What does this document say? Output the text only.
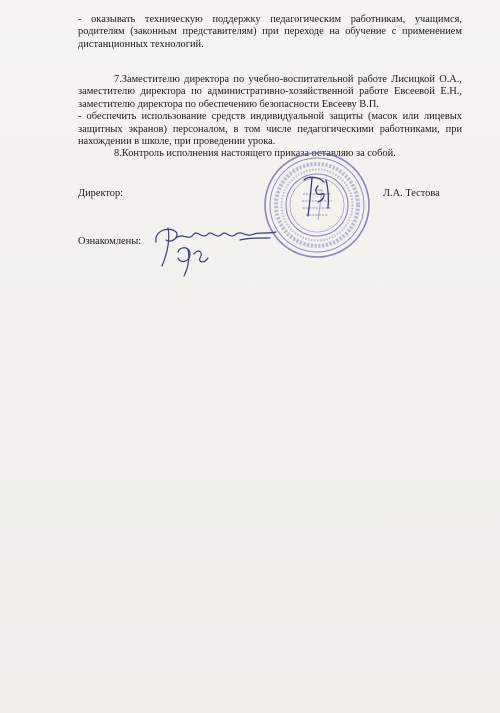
- оказывать техническую поддержку педагогическим работникам, учащимся, родителям (законным представителям) при переходе на обучение с применением дистанционных технологий.

7.Заместителю директора по учебно-воспитательной работе Лисицкой О.А., заместителю директора по административно-хозяйственной работе Евсеевой Е.Н., заместителю директора по обеспечению безопасности Евсееву В.П.

- обеспечить использование средств индивидуальной защиты (масок или лицевых защитных экранов) персоналом, в том числе педагогическими работниками, при нахождении в школе, при проведении урока.

8.Контроль исполнения настоящего приказа оставляю за собой.

Директор:	Л.А. Тестова
Ознакомлены:
